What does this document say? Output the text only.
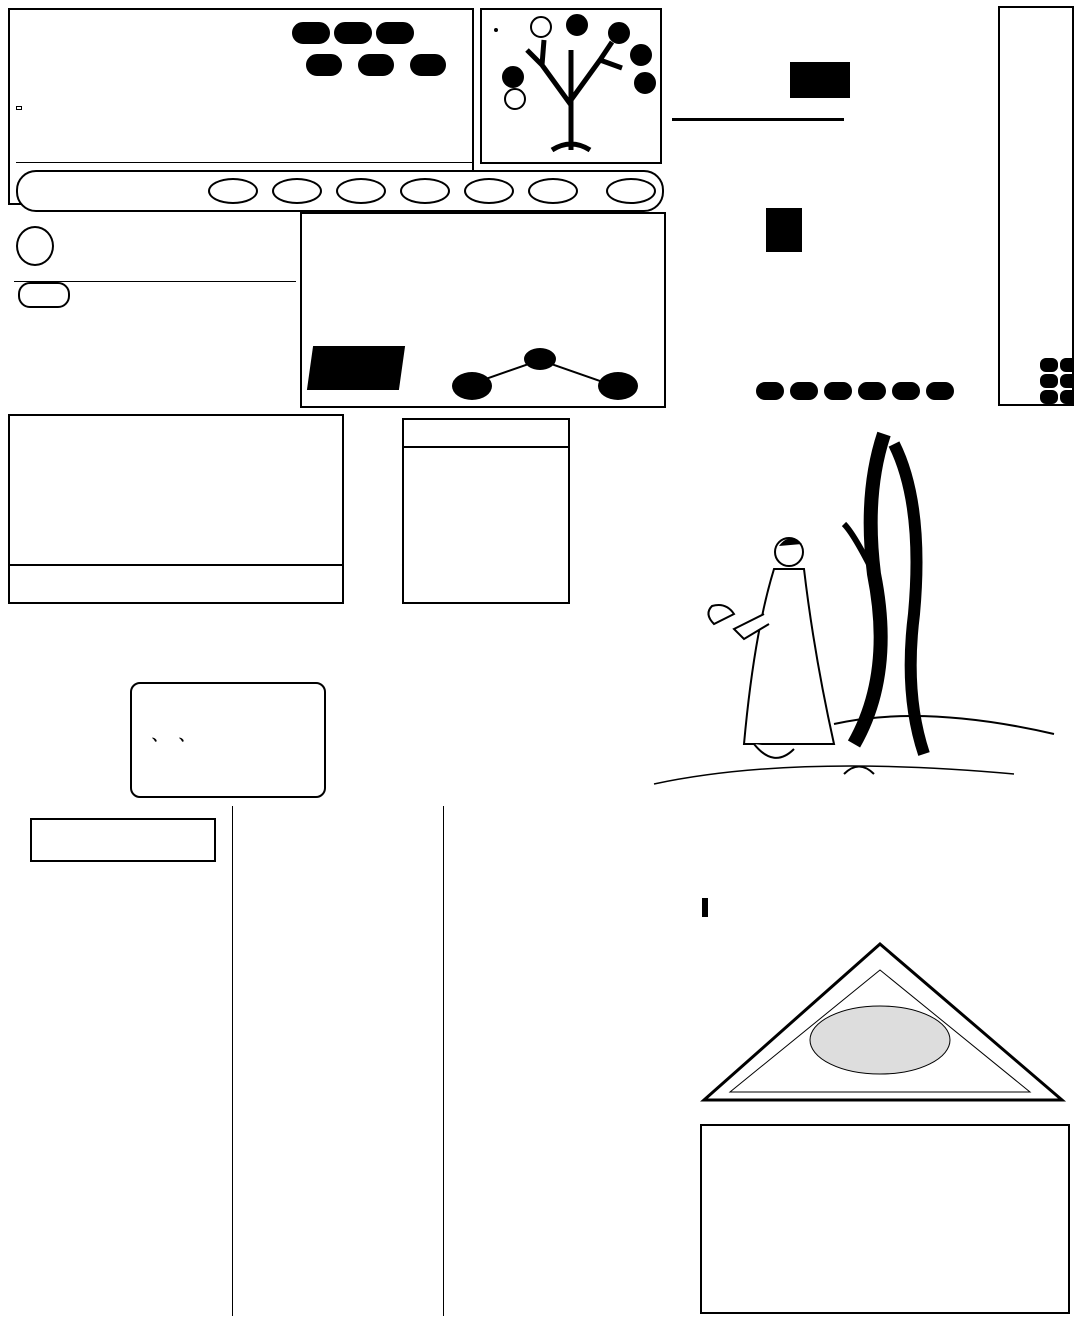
、 、
